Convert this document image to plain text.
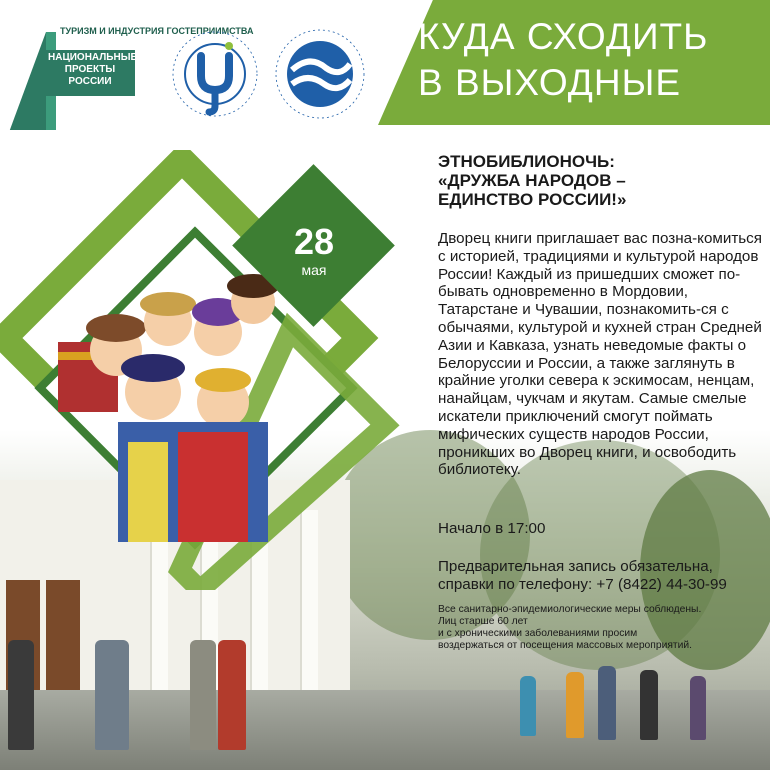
ТУРИЗМ И ИНДУСТРИЯ ГОСТЕПРИИМСТВА
НАЦИОНАЛЬНЫЕ ПРОЕКТЫ РОССИИ
КУДА СХОДИТЬ
В ВЫХОДНЫЕ
28
мая
ЭТНОБИБЛИОНОЧЬ:
«ДРУЖБА НАРОДОВ –
ЕДИНСТВО РОССИИ!»
Дворец книги приглашает вас позна-комиться с историей, традициями и культурой народов России! Каждый из пришедших сможет по-бывать одновременно в Мордовии, Татарстане и Чувашии, познакомить-ся с обычаями, культурой и кухней стран Средней Азии и Кавказа, узнать неведомые факты о Белоруссии и России, а также заглянуть в крайние уголки севера к эскимосам, ненцам, нанайцам, чукчам и якутам. Самые смелые искатели приключений смогут поймать мифических существ народов России, проникших во Дворец книги, и освободить библиотеку.
Начало в 17:00
Предварительная запись обязательна, справки по телефону: +7 (8422) 44-30-99
Все санитарно-эпидемиологические меры соблюдены.
Лиц старше 60 лет
и с хроническими заболеваниями просим
воздержаться от посещения массовых мероприятий.
